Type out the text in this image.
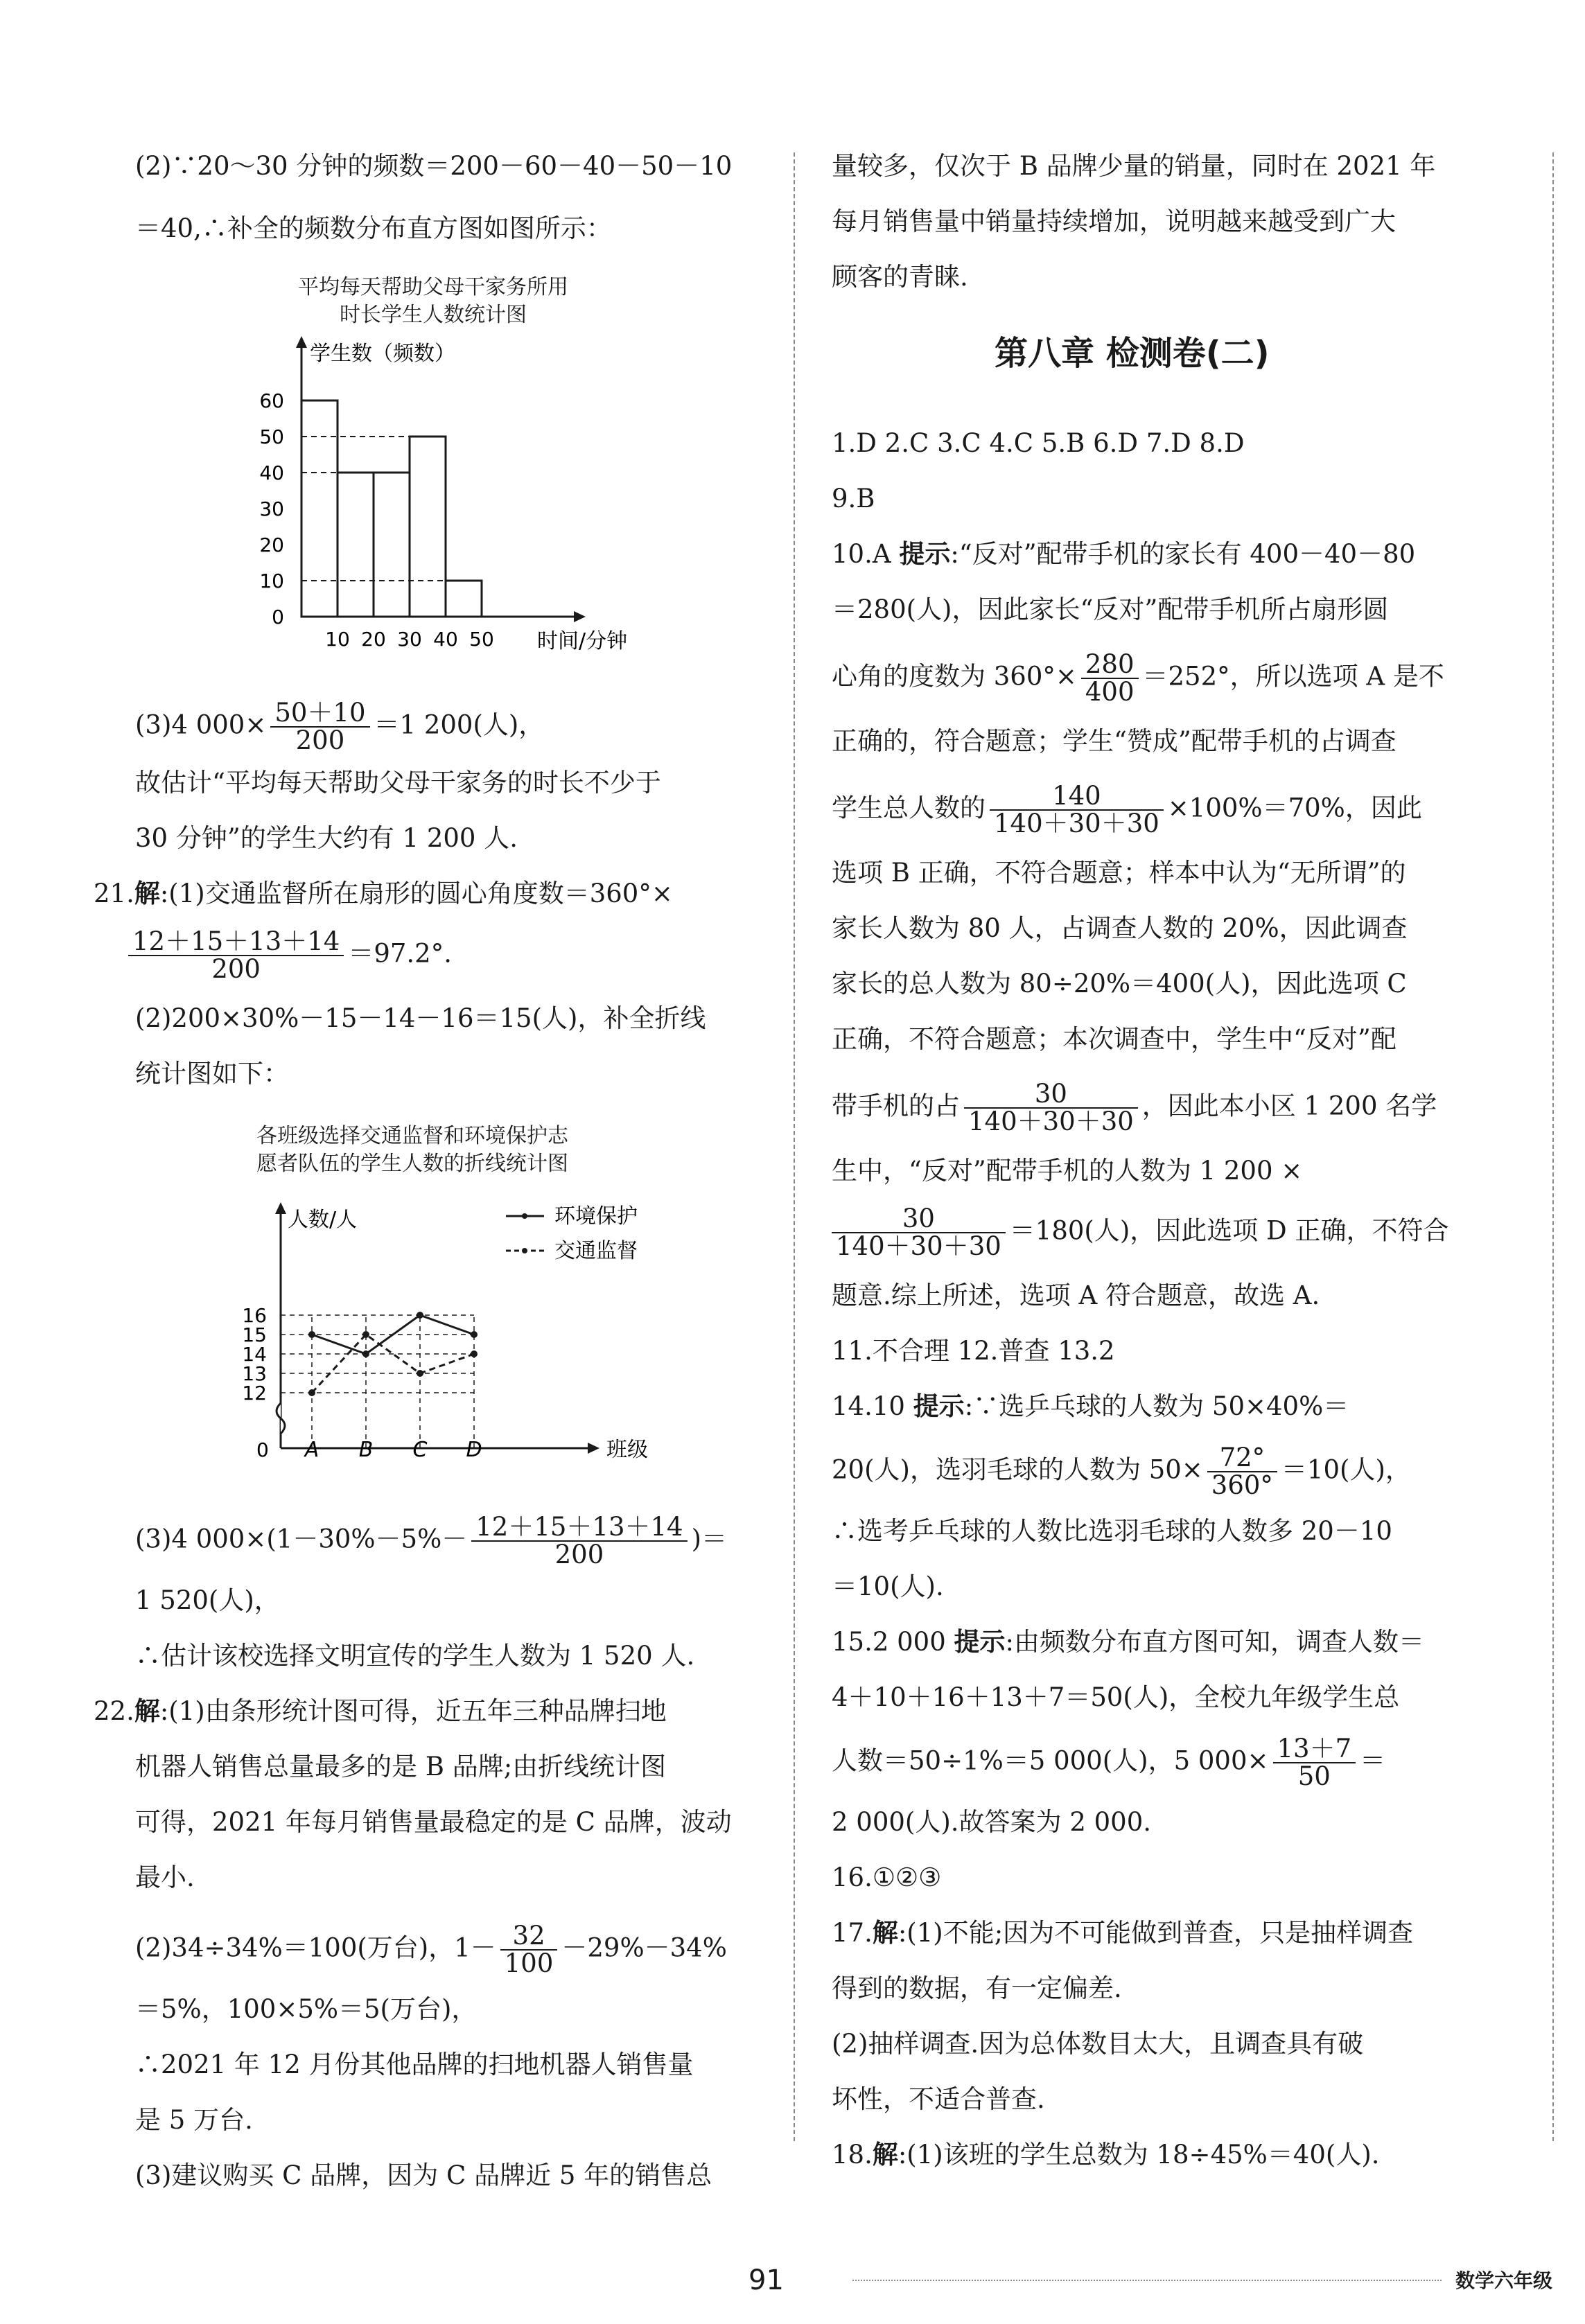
(2)∵20～30 分钟的频数＝200－60－40－50－10
＝40,∴补全的频数分布直方图如图所示：
平均每天帮助父母干家务所用
时长学生人数统计图
学生数（频数）
时间/分钟
0
10
20
30
40
50
60
10 20 30 40 50
(3)4 $000\times \frac{50+10}{200} =1$ 200(人)，
故估计“平均每天帮助父母干家务的时长不少于
30 分钟”的学生大约有 1 200 人.
21.解:(1)交通监督所在扇形的圆心角度数＝360°×
$\frac{12+15+13+14}{200} =97.2^\circ$.
(2)200×30%－15－14－16＝15(人)，补全折线
统计图如下：
各班级选择交通监督和环境保护志
愿者队伍的学生人数的折线统计图
人数/人
班级
0
环境保护
交通监督
12
13
14
15
16
A B C D
(3)4 $000\times(1-30\%-5\%- \frac{12+15+13+14}{200}$ )＝
1 520(人)，
∴估计该校选择文明宣传的学生人数为 1 520 人.
22.解:(1)由条形统计图可得，近五年三种品牌扫地
机器人销售总量最多的是 B 品牌;由折线统计图
可得，2021 年每月销售量最稳定的是 C 品牌，波动
最小.
(2)34÷34%＝100(万台)，$1- \frac{32}{100} -29\%-34\%$
＝5%，100×5%＝5(万台)，
∴2021 年 12 月份其他品牌的扫地机器人销售量
是 5 万台.
(3)建议购买 C 品牌，因为 C 品牌近 5 年的销售总
量较多，仅次于 B 品牌少量的销量，同时在 2021 年
每月销售量中销量持续增加，说明越来越受到广大
顾客的青睐.
第八章 检测卷(二)
1.D 2.C 3.C 4.C 5.B 6.D 7.D 8.D
9.B
10.A 提示:“反对”配带手机的家长有 400－40－80
＝280(人)，因此家长“反对”配带手机所占扇形圆
心角的度数为 $360^\circ\times \frac{280}{400} =252^\circ$，所以选项 A 是不
正确的，符合题意；学生“赞成”配带手机的占调查
学生总人数的 $\frac{140}{140+30+30} \times 100\%=70\%$，因此
选项 B 正确，不符合题意；样本中认为“无所谓”的
家长人数为 80 人，占调查人数的 20%，因此调查
家长的总人数为 80÷20%＝400(人)，因此选项 C
正确，不符合题意；本次调查中，学生中“反对”配
带手机的占 $\frac{30}{140+30+30}$ ，因此本小区 1 200 名学
生中，“反对”配带手机的人数为 1 200 ×
$\frac{30}{140+30+30} =180$(人)，因此选项 D 正确，不符合
题意.综上所述，选项 A 符合题意，故选 A.
11.不合理 12.普查 13.2
14.10 提示:∵选乒乓球的人数为 50×40%＝
20(人)，选羽毛球的人数为 $50\times \frac{72^\circ}{360^\circ} =10$(人)，
∴选考乒乓球的人数比选羽毛球的人数多 20－10
＝10(人).
15.2 000 提示:由频数分布直方图可知，调查人数＝
4＋10＋16＋13＋7＝50(人)，全校九年级学生总
人数＝50÷1%＝5 000(人)，5 $000\times \frac{13+7}{50}$ ＝
2 000(人).故答案为 2 000.
16.①②③
17.解:(1)不能;因为不可能做到普查，只是抽样调查
得到的数据，有一定偏差.
(2)抽样调查.因为总体数目太大，且调查具有破
坏性，不适合普查.
18.解:(1)该班的学生总数为 18÷45%＝40(人).
91	数学六年级
